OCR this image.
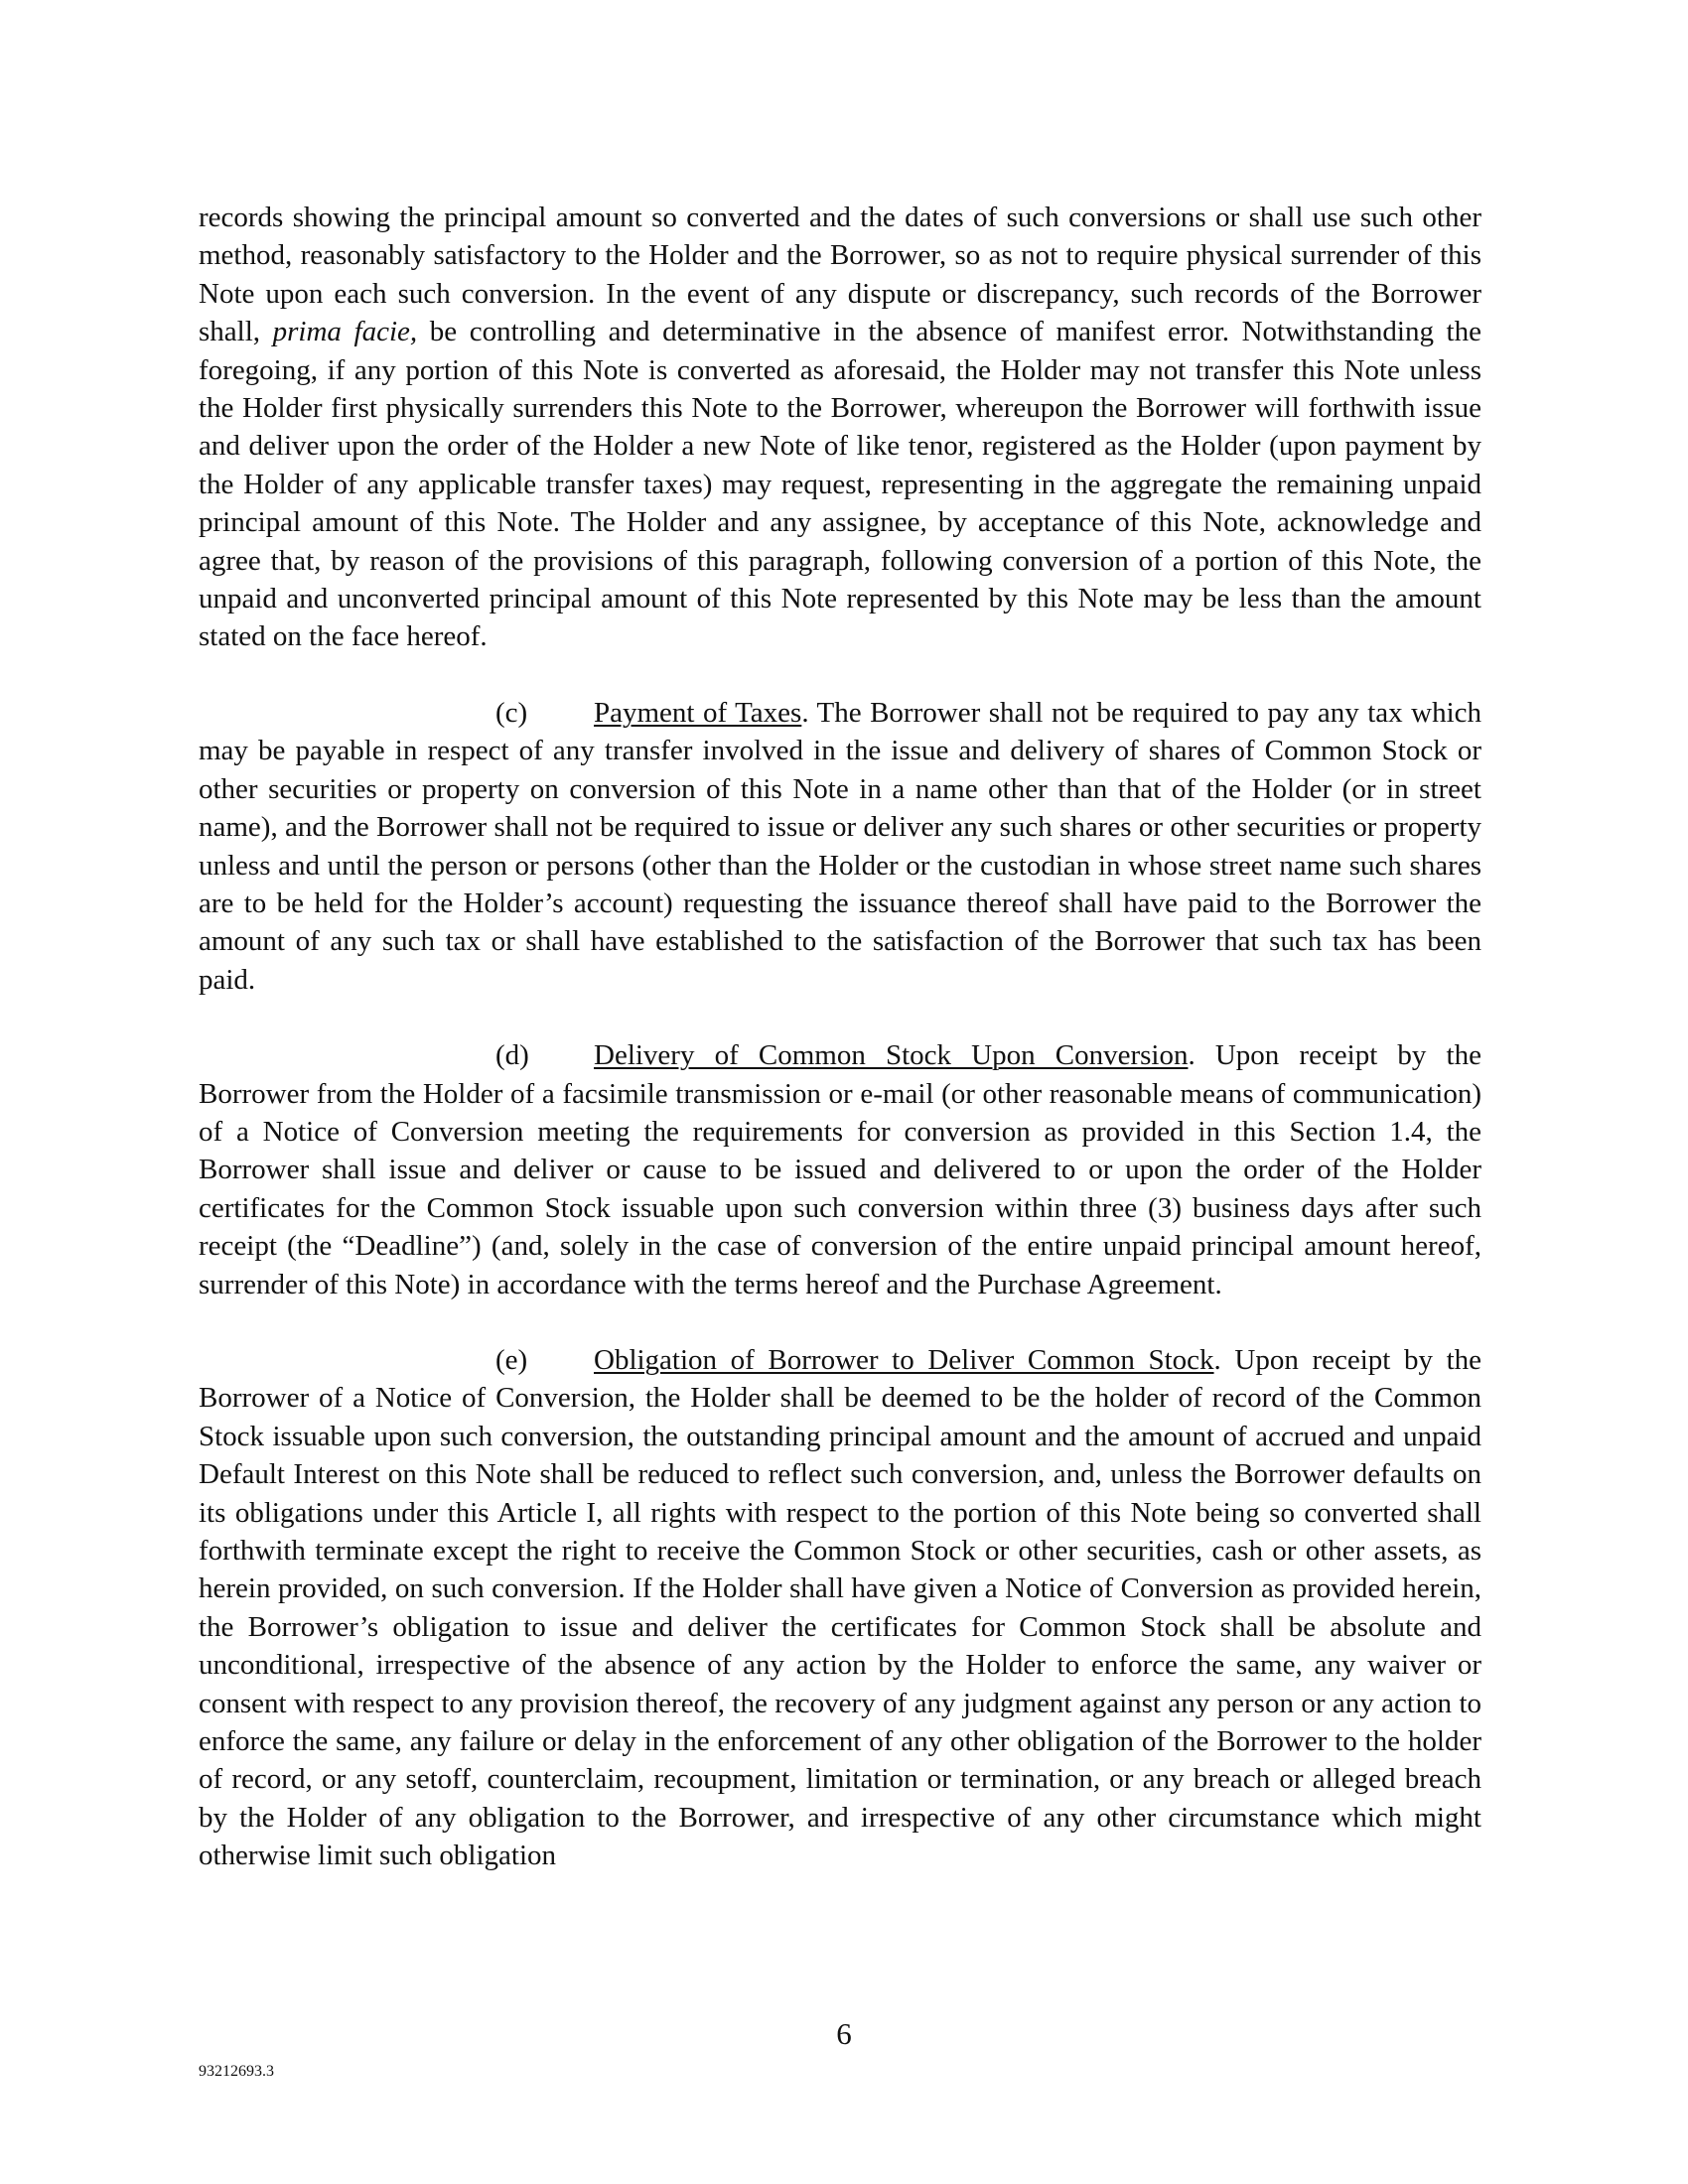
records showing the principal amount so converted and the dates of such conversions or shall use such other method, reasonably satisfactory to the Holder and the Borrower, so as not to require physical surrender of this Note upon each such conversion. In the event of any dispute or discrepancy, such records of the Borrower shall, prima facie, be controlling and determinative in the absence of manifest error. Notwithstanding the foregoing, if any portion of this Note is converted as aforesaid, the Holder may not transfer this Note unless the Holder first physically surrenders this Note to the Borrower, whereupon the Borrower will forthwith issue and deliver upon the order of the Holder a new Note of like tenor, registered as the Holder (upon payment by the Holder of any applicable transfer taxes) may request, representing in the aggregate the remaining unpaid principal amount of this Note. The Holder and any assignee, by acceptance of this Note, acknowledge and agree that, by reason of the provisions of this paragraph, following conversion of a portion of this Note, the unpaid and unconverted principal amount of this Note represented by this Note may be less than the amount stated on the face hereof.

(c) Payment of Taxes. The Borrower shall not be required to pay any tax which may be payable in respect of any transfer involved in the issue and delivery of shares of Common Stock or other securities or property on conversion of this Note in a name other than that of the Holder (or in street name), and the Borrower shall not be required to issue or deliver any such shares or other securities or property unless and until the person or persons (other than the Holder or the custodian in whose street name such shares are to be held for the Holder’s account) requesting the issuance thereof shall have paid to the Borrower the amount of any such tax or shall have established to the satisfaction of the Borrower that such tax has been paid.

(d) Delivery of Common Stock Upon Conversion. Upon receipt by the Borrower from the Holder of a facsimile transmission or e-mail (or other reasonable means of communication) of a Notice of Conversion meeting the requirements for conversion as provided in this Section 1.4, the Borrower shall issue and deliver or cause to be issued and delivered to or upon the order of the Holder certificates for the Common Stock issuable upon such conversion within three (3) business days after such receipt (the “Deadline”) (and, solely in the case of conversion of the entire unpaid principal amount hereof, surrender of this Note) in accordance with the terms hereof and the Purchase Agreement.

(e) Obligation of Borrower to Deliver Common Stock. Upon receipt by the Borrower of a Notice of Conversion, the Holder shall be deemed to be the holder of record of the Common Stock issuable upon such conversion, the outstanding principal amount and the amount of accrued and unpaid Default Interest on this Note shall be reduced to reflect such conversion, and, unless the Borrower defaults on its obligations under this Article I, all rights with respect to the portion of this Note being so converted shall forthwith terminate except the right to receive the Common Stock or other securities, cash or other assets, as herein provided, on such conversion. If the Holder shall have given a Notice of Conversion as provided herein, the Borrower’s obligation to issue and deliver the certificates for Common Stock shall be absolute and unconditional, irrespective of the absence of any action by the Holder to enforce the same, any waiver or consent with respect to any provision thereof, the recovery of any judgment against any person or any action to enforce the same, any failure or delay in the enforcement of any other obligation of the Borrower to the holder of record, or any setoff, counterclaim, recoupment, limitation or termination, or any breach or alleged breach by the Holder of any obligation to the Borrower, and irrespective of any other circumstance which might otherwise limit such obligation

6

93212693.3
